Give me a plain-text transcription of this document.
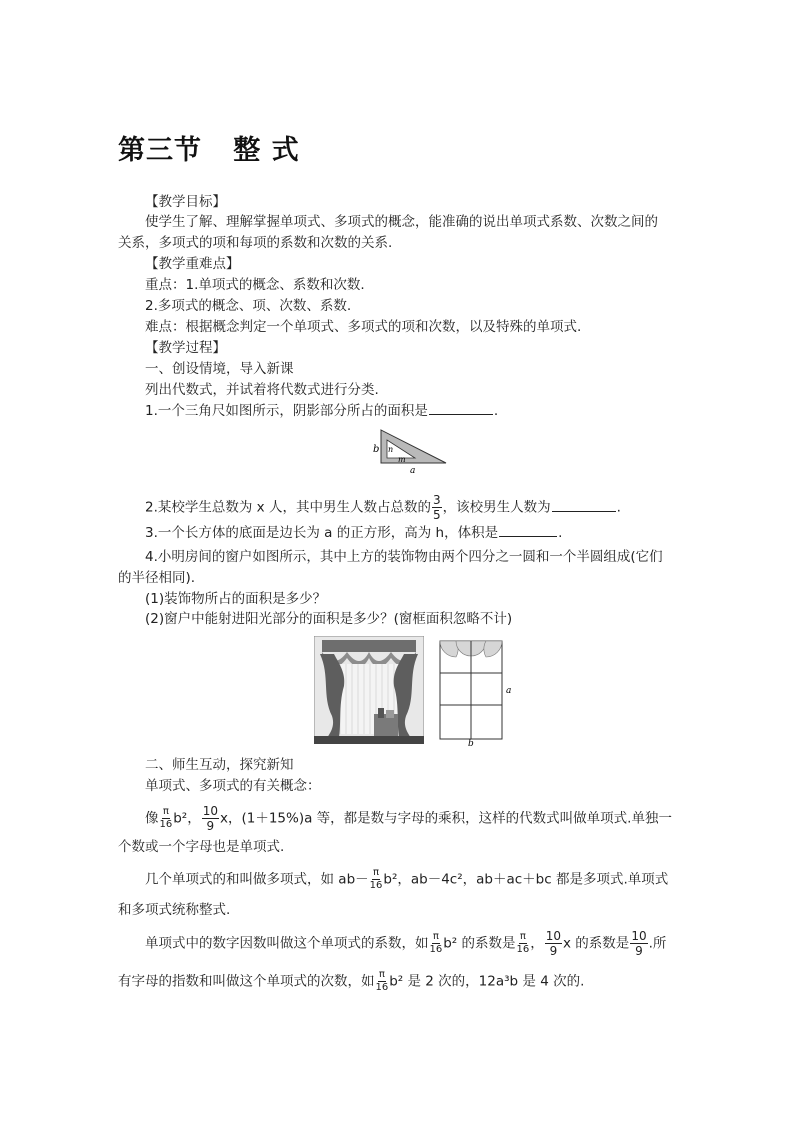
第三节   整 式
【教学目标】
使学生了解、理解掌握单项式、多项式的概念，能准确的说出单项式系数、次数之间的
关系，多项式的项和每项的系数和次数的关系.
【教学重难点】
重点：1.单项式的概念、系数和次数.
2.多项式的概念、项、次数、系数.
难点：根据概念判定一个单项式、多项式的项和次数，以及特殊的单项式.
【教学过程】
一、创设情境，导入新课
列出代数式，并试着将代数式进行分类.
1.一个三角尺如图所示，阴影部分所占的面积是	.
b n
m
a
2.某校学生总数为 x 人，其中男生人数占总数的 $\frac{3}{5}$ ，该校男生人数为	.
3.一个长方体的底面是边长为 a 的正方形，高为 h，体积是	.
4.小明房间的窗户如图所示，其中上方的装饰物由两个四分之一圆和一个半圆组成(它们
的半径相同).
(1)装饰物所占的面积是多少？
(2)窗户中能射进阳光部分的面积是多少？(窗框面积忽略不计)
a
b
二、师生互动，探究新知
单项式、多项式的有关概念：
像 $\frac{\pi}{16} b^2$， $\frac{10}{9}$ x，(1＋15%)a 等，都是数与字母的乘积，这样的代数式叫做单项式.单独一
个数或一个字母也是单项式.
几个单项式的和叫做多项式，如 $ab- \frac{\pi}{16} b^2$，ab－4c²，ab＋ac＋bc 都是多项式.单项式
和多项式统称整式.
单项式中的数字因数叫做这个单项式的系数，如 $\frac{\pi}{16} b^2$ 的系数是 $\frac{\pi}{16}$ ， $\frac{10}{9}$ x 的系数是 $\frac{10}{9}$ .所
有字母的指数和叫做这个单项式的次数，如 $\frac{\pi}{16} b^2$ 是 2 次的，12a³b 是 4 次的.
